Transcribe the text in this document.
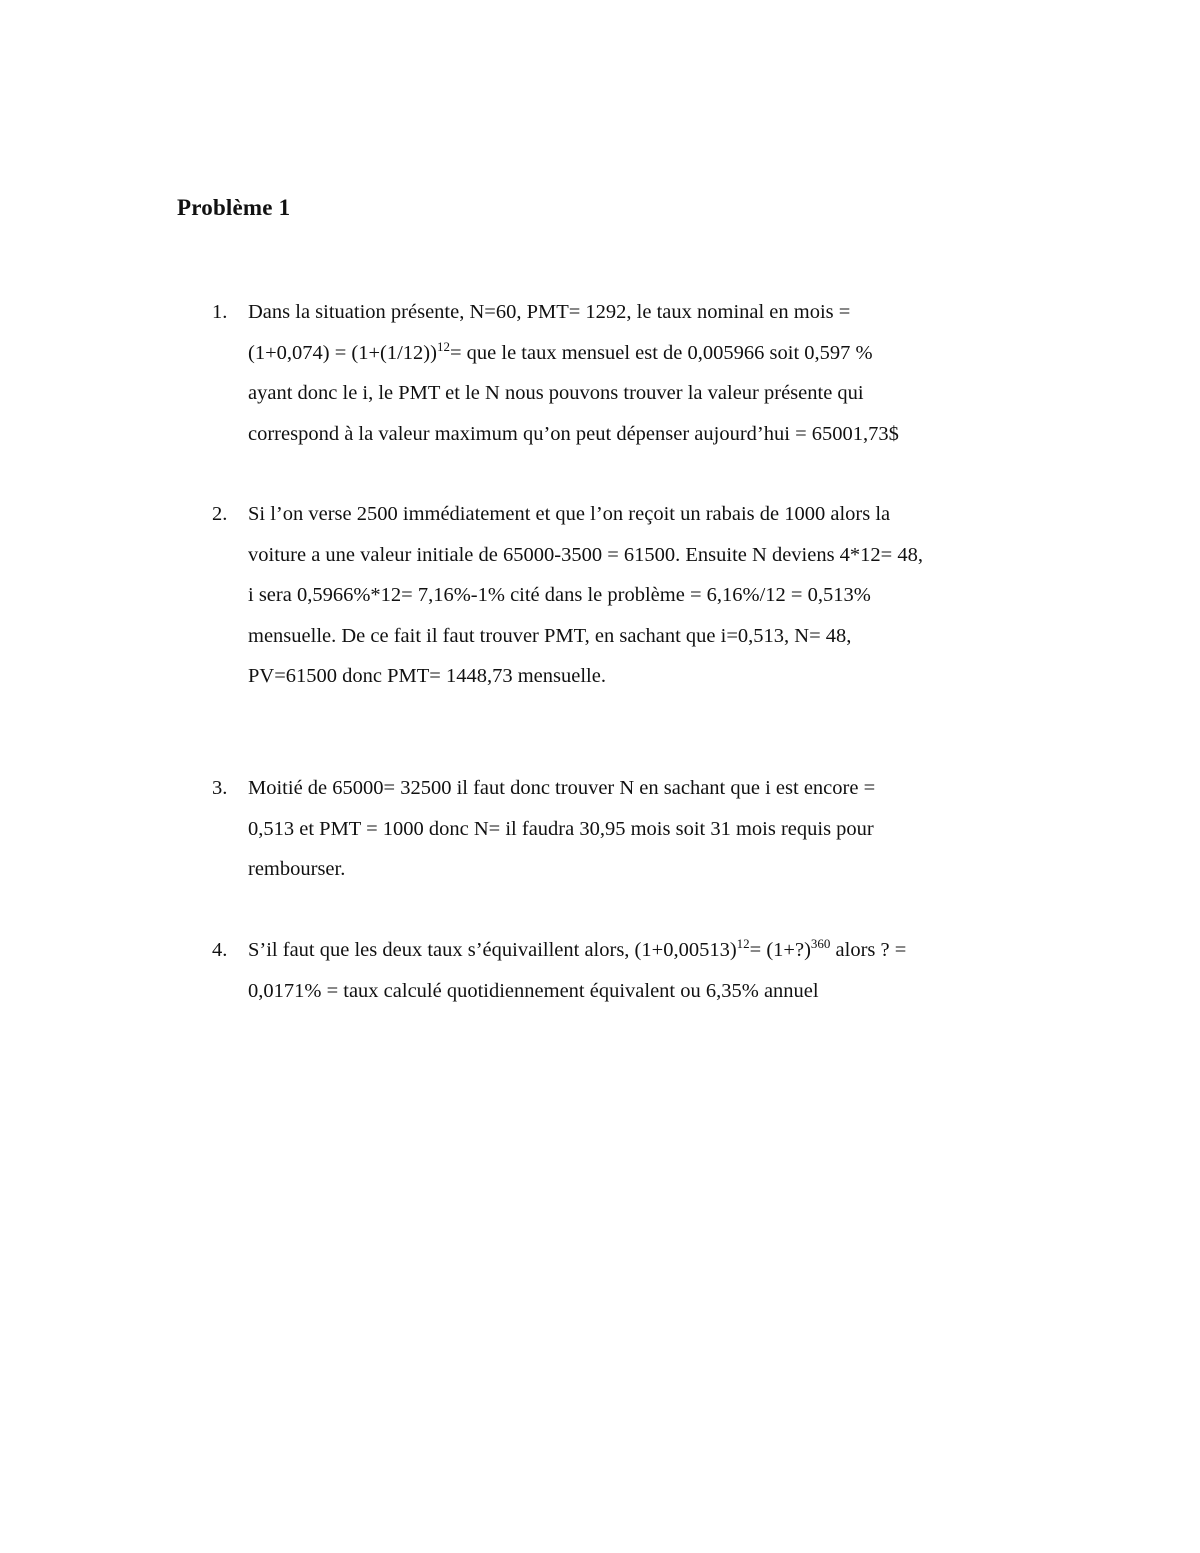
Problème 1
1.	Dans la situation présente, N=60, PMT= 1292, le taux nominal en mois =
$(1+0,074) = (1+(1/12))^{12}=$ que le taux mensuel est de 0,005966 soit 0,597 %
ayant donc le i, le PMT et le N nous pouvons trouver la valeur présente qui
correspond à la valeur maximum qu’on peut dépenser aujourd’hui = 65001,73$
2.	Si l’on verse 2500 immédiatement et que l’on reçoit un rabais de 1000 alors la
voiture a une valeur initiale de 65000-3500 = 61500. Ensuite N deviens 4*12= 48,
i sera 0,5966%*12= 7,16%-1% cité dans le problème = 6,16%/12 = 0,513%
mensuelle. De ce fait il faut trouver PMT, en sachant que i=0,513, N= 48,
PV=61500 donc PMT= 1448,73 mensuelle.
3.	Moitié de 65000= 32500 il faut donc trouver N en sachant que i est encore =
0,513 et PMT = 1000 donc N= il faudra 30,95 mois soit 31 mois requis pour
rembourser.
4.	S’il faut que les deux taux s’équivaillent alors, $(1+0,00513)^{12}=$ (1+?)$^{360}$ alors ? =
0,0171% = taux calculé quotidiennement équivalent ou 6,35% annuel
